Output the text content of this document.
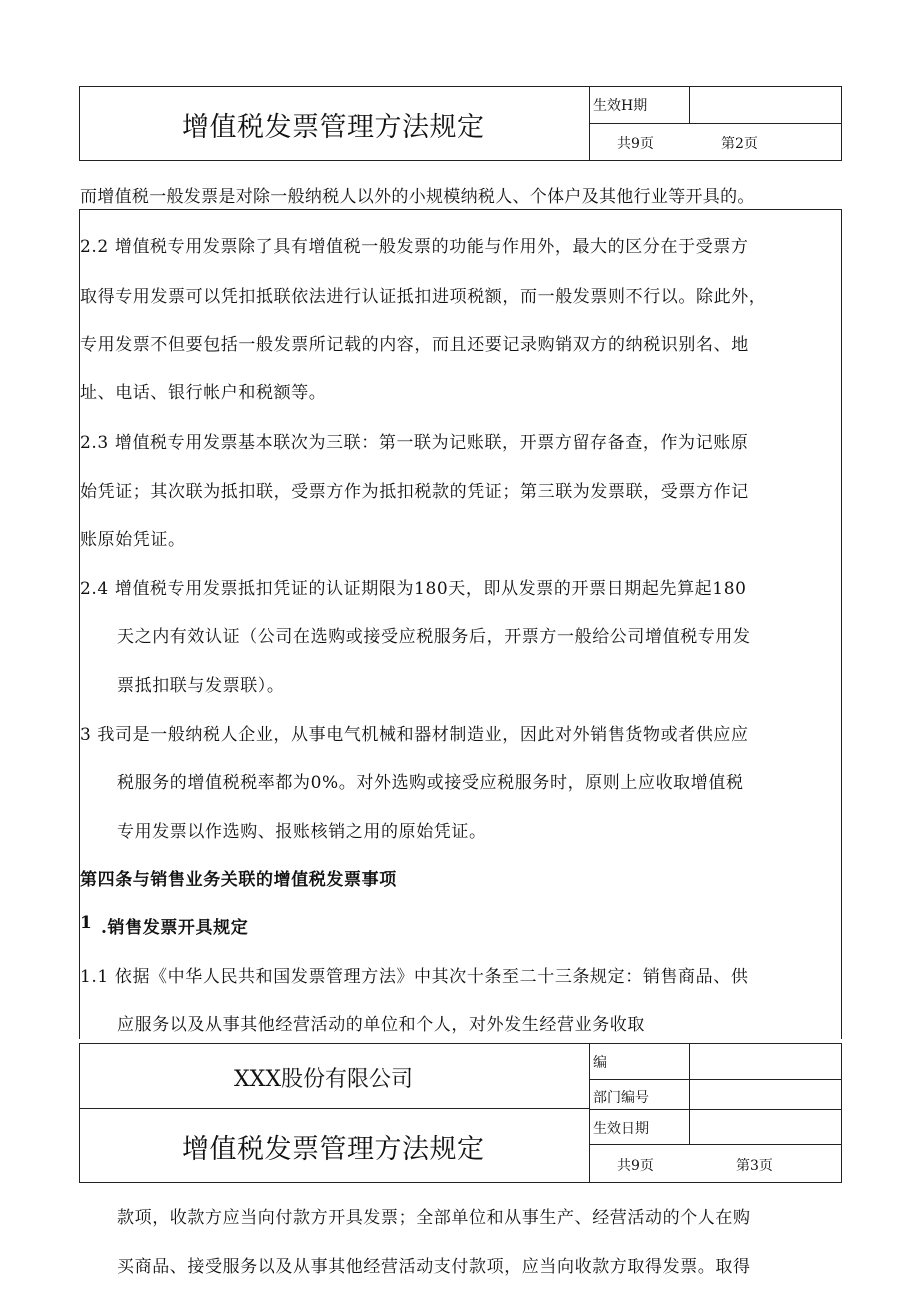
增值税发票管理方法规定
生效H期
共9页	第2页
而增值税一般发票是对除一般纳税人以外的小规模纳税人、个体户及其他行业等开具的。
2.2 增值税专用发票除了具有增值税一般发票的功能与作用外，最大的区分在于受票方
取得专用发票可以凭扣抵联依法进行认证抵扣进项税额，而一般发票则不行以。除此外，
专用发票不但要包括一般发票所记载的内容，而且还要记录购销双方的纳税识别名、地
址、电话、银行帐户和税额等。
2.3 增值税专用发票基本联次为三联：第一联为记账联，开票方留存备查，作为记账原
始凭证；其次联为抵扣联，受票方作为抵扣税款的凭证；第三联为发票联，受票方作记
账原始凭证。
2.4 增值税专用发票抵扣凭证的认证期限为180天，即从发票的开票日期起先算起180
天之内有效认证（公司在选购或接受应税服务后，开票方一般给公司增值税专用发
票抵扣联与发票联）。
3 我司是一般纳税人企业，从事电气机械和器材制造业，因此对外销售货物或者供应应
税服务的增值税税率都为0%。对外选购或接受应税服务时，原则上应收取增值税
专用发票以作选购、报账核销之用的原始凭证。
第四条与销售业务关联的增值税发票事项
1 .销售发票开具规定
1.1 依据《中华人民共和国发票管理方法》中其次十条至二十三条规定：销售商品、供
应服务以及从事其他经营活动的单位和个人，对外发生经营业务收取
XXX股份有限公司
增值税发票管理方法规定
编
部门编号
生效日期
共9页	第3页
款项，收款方应当向付款方开具发票；全部单位和从事生产、经营活动的个人在购
买商品、接受服务以及从事其他经营活动支付款项，应当向收款方取得发票。取得
